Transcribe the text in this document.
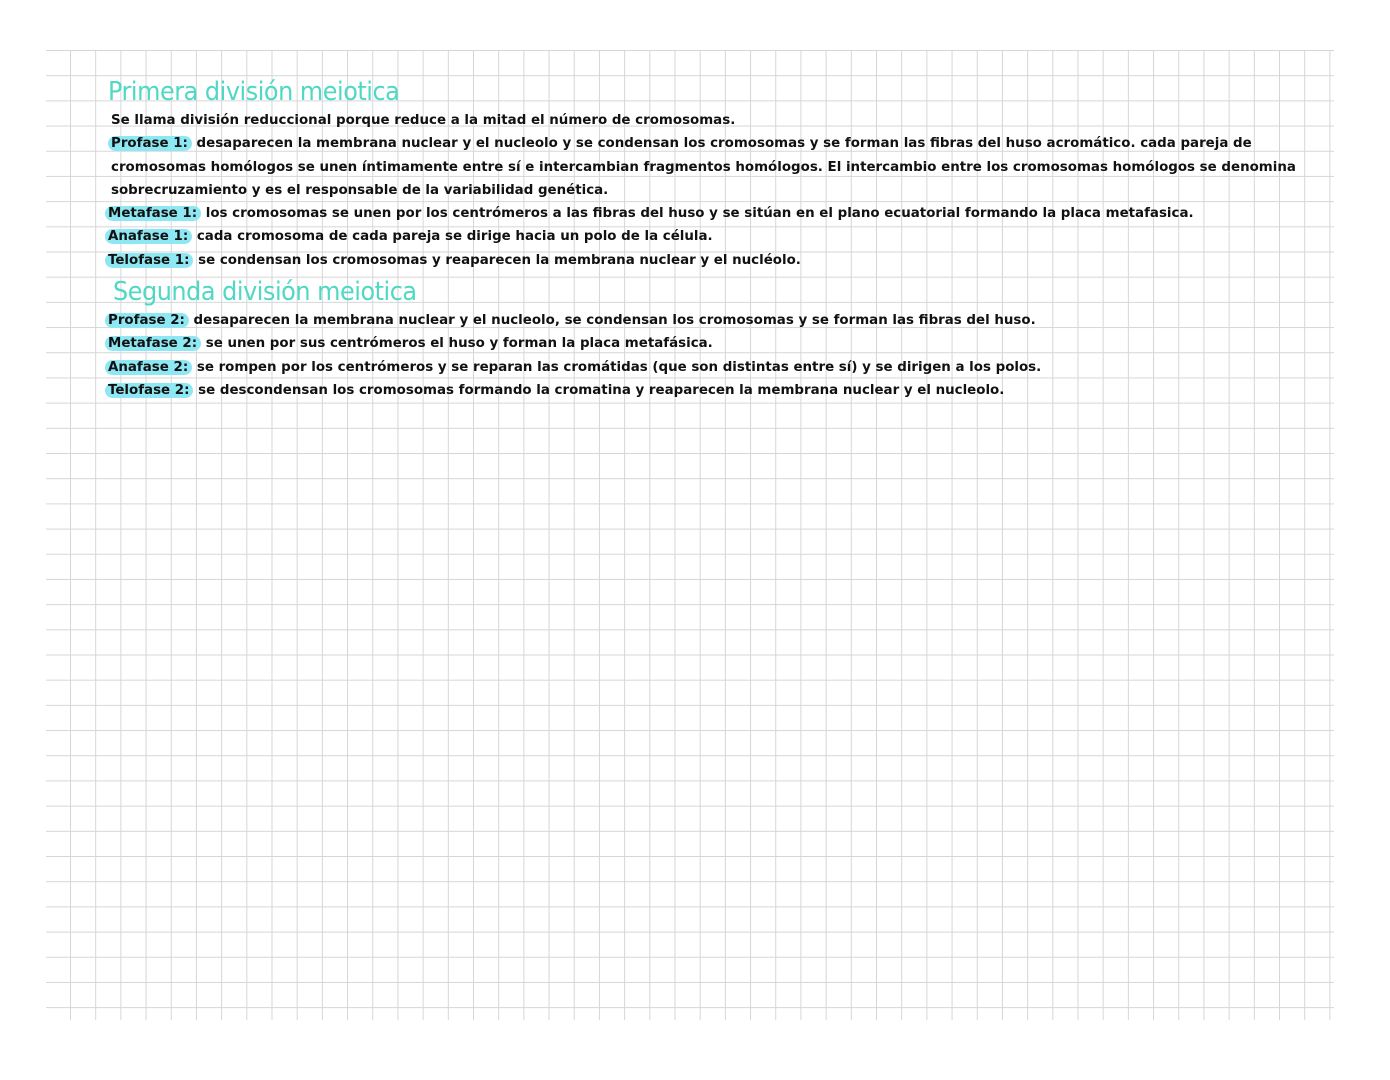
Primera división meiotica

Se llama división reduccional porque reduce a la mitad el número de cromosomas.

Profase 1: desaparecen la membrana nuclear y el nucleolo y se condensan los cromosomas y se forman las fibras del huso acromático. cada pareja de cromosomas homólogos se unen íntimamente entre sí e intercambian fragmentos homólogos. El intercambio entre los cromosomas homólogos se denomina sobrecruzamiento y es el responsable de la variabilidad genética.

Metafase 1: los cromosomas se unen por los centrómeros a las fibras del huso y se sitúan en el plano ecuatorial formando la placa metafasica.

Anafase 1: cada cromosoma de cada pareja se dirige hacia un polo de la célula.

Telofase 1: se condensan los cromosomas y reaparecen la membrana nuclear y el nucléolo.

Segunda división meiotica

Profase 2: desaparecen la membrana nuclear y el nucleolo, se condensan los cromosomas y se forman las fibras del huso.

Metafase 2: se unen por sus centrómeros el huso y forman la placa metafásica.

Anafase 2: se rompen por los centrómeros y se reparan las cromátidas (que son distintas entre sí) y se dirigen a los polos.

Telofase 2: se descondensan los cromosomas formando la cromatina y reaparecen la membrana nuclear y el nucleolo.
